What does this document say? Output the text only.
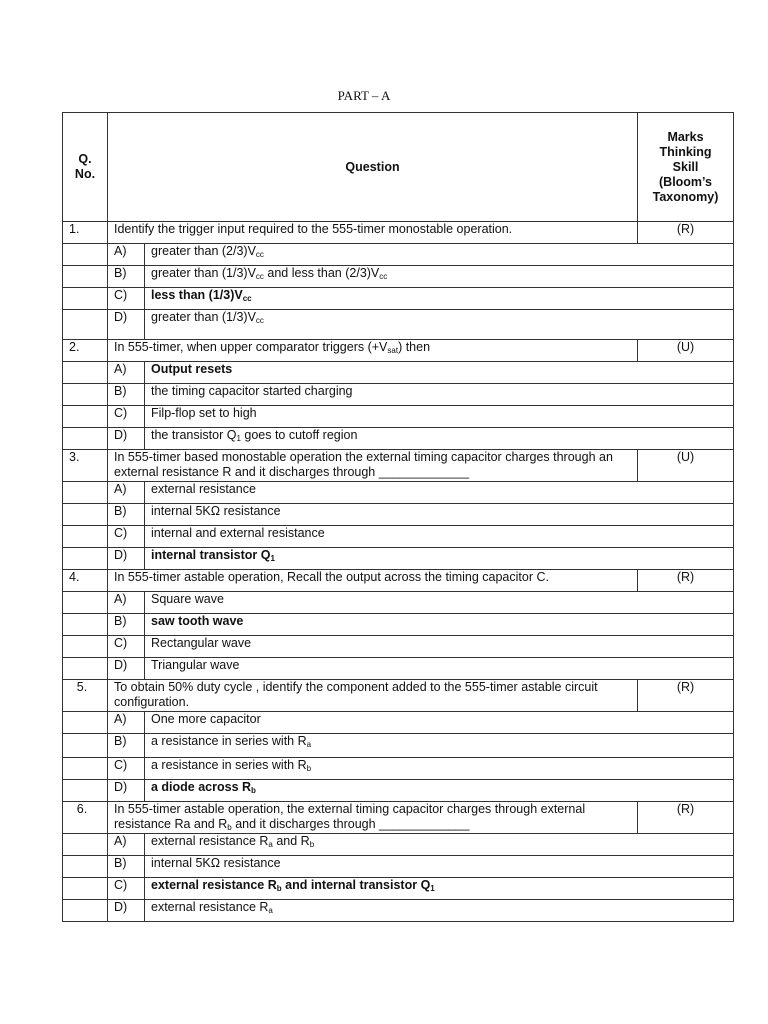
PART – A
Q.
No.	Question		Marks
Thinking
Skill
(Bloom’s
Taxonomy)
1.	Identify the trigger input required to the 555-timer monostable operation.		(R)
	A)	greater than $(2/3)V_{cc}$
	B)	greater than $(1/3)V_{cc}$ and less than $(2/3)V_{cc}$
	C)	less than $(1/3)V_{cc}$
	D)	greater than $(1/3)V_{cc}$
2.	In 555-timer, when upper comparator triggers $(+V_{sat})$ then		(U)
	A)	Output resets	
	B)	the timing capacitor started charging	
	C)	Filp-flop set to high	
	D)	the transistor $Q_1$ goes to cutoff region	
3.	In 555-timer based monostable operation the external timing capacitor charges through an external resistance R and it discharges through _____________		(U)
	A)	external resistance	
	B)	internal 5KΩ resistance	
	C)	internal and external resistance	
	D)	internal transistor $Q_1$
4.	In 555-timer astable operation, Recall the output across the timing capacitor C.		(R)
	A)	Square wave	
	B)	saw tooth wave	
	C)	Rectangular wave	
	D)	Triangular wave	
5.	To obtain 50% duty cycle , identify the component added to the 555-timer astable circuit configuration.		(R)
	A)	One more capacitor	
	B)	a resistance in series with $R_a$
	C)	a resistance in series with $R_b$
	D)	a diode across $R_b$
6.	In 555-timer astable operation, the external timing capacitor charges through external resistance Ra and $R_b$ and it discharges through _____________		(R)
	A)	external resistance $R_a$ and $R_b$
	B)	internal 5KΩ resistance	
	C)	external resistance $R_b$ and internal transistor $Q_1$
	D)	external resistance $R_a$
